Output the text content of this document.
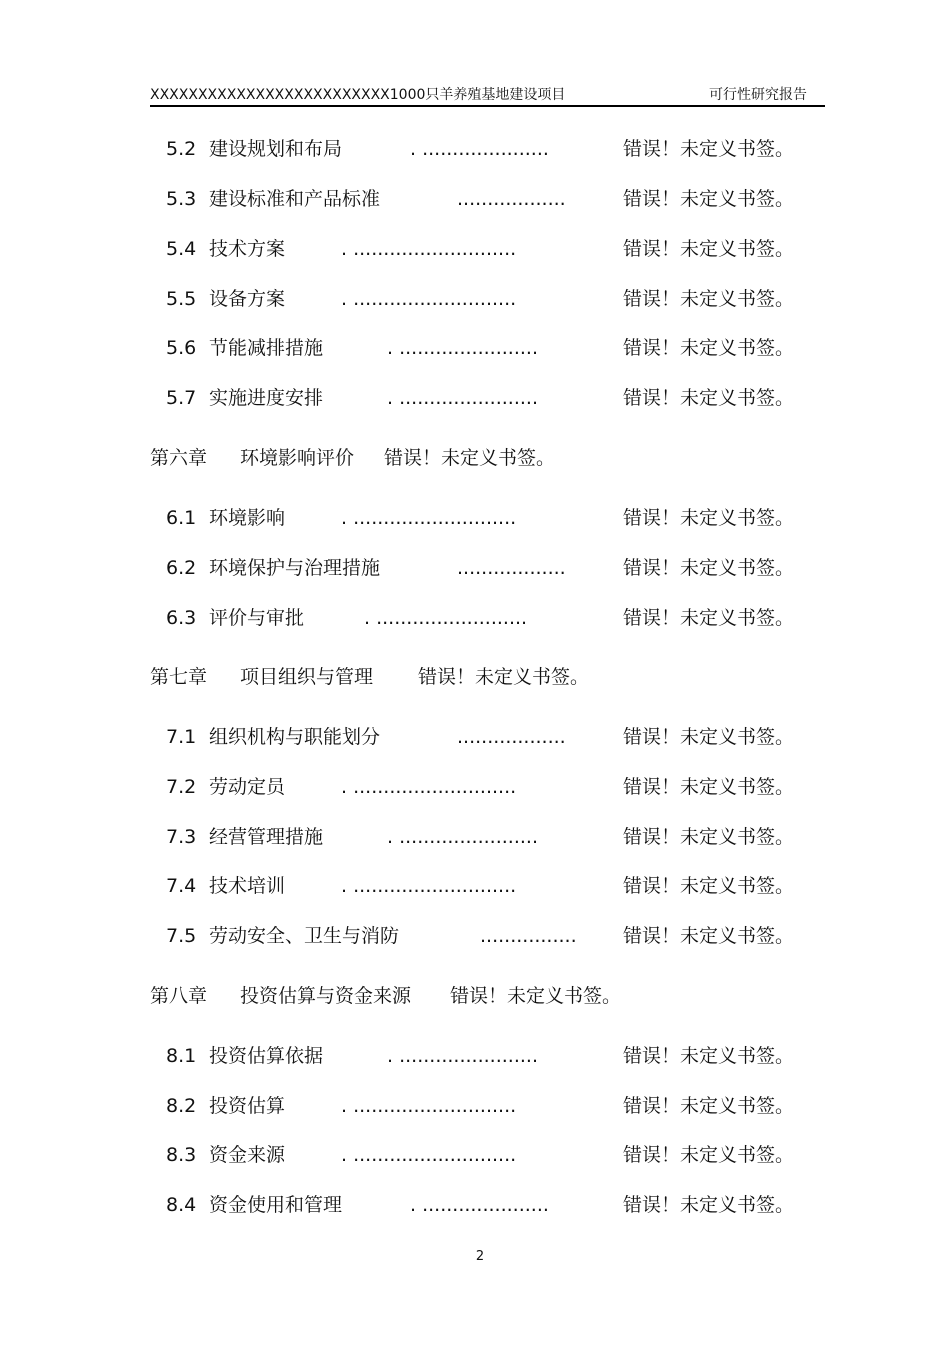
XXXXXXXXXXXXXXXXXXXXXXXXX1000只羊养殖基地建设项目	可行性研究报告
5.2 建设规划和布局	. .....................	错误！未定义书签。
5.3 建设标准和产品标准	..................	错误！未定义书签。
5.4 技术方案	. ...........................	错误！未定义书签。
5.5 设备方案	. ...........................	错误！未定义书签。
5.6 节能减排措施	. .......................	错误！未定义书签。
5.7 实施进度安排	. .......................	错误！未定义书签。
第六章 环境影响评价 错误！未定义书签。
6.1 环境影响	. ...........................	错误！未定义书签。
6.2 环境保护与治理措施	..................	错误！未定义书签。
6.3 评价与审批	. .........................	错误！未定义书签。
第七章 项目组织与管理 错误！未定义书签。
7.1 组织机构与职能划分	..................	错误！未定义书签。
7.2 劳动定员	. ...........................	错误！未定义书签。
7.3 经营管理措施	. .......................	错误！未定义书签。
7.4 技术培训	. ...........................	错误！未定义书签。
7.5 劳动安全、卫生与消防	................ 错误！未定义书签。
第八章 投资估算与资金来源 错误！未定义书签。
8.1 投资估算依据	. .......................	错误！未定义书签。
8.2 投资估算	. ...........................	错误！未定义书签。
8.3 资金来源	. ...........................	错误！未定义书签。
8.4 资金使用和管理	. .....................	错误！未定义书签。
2
